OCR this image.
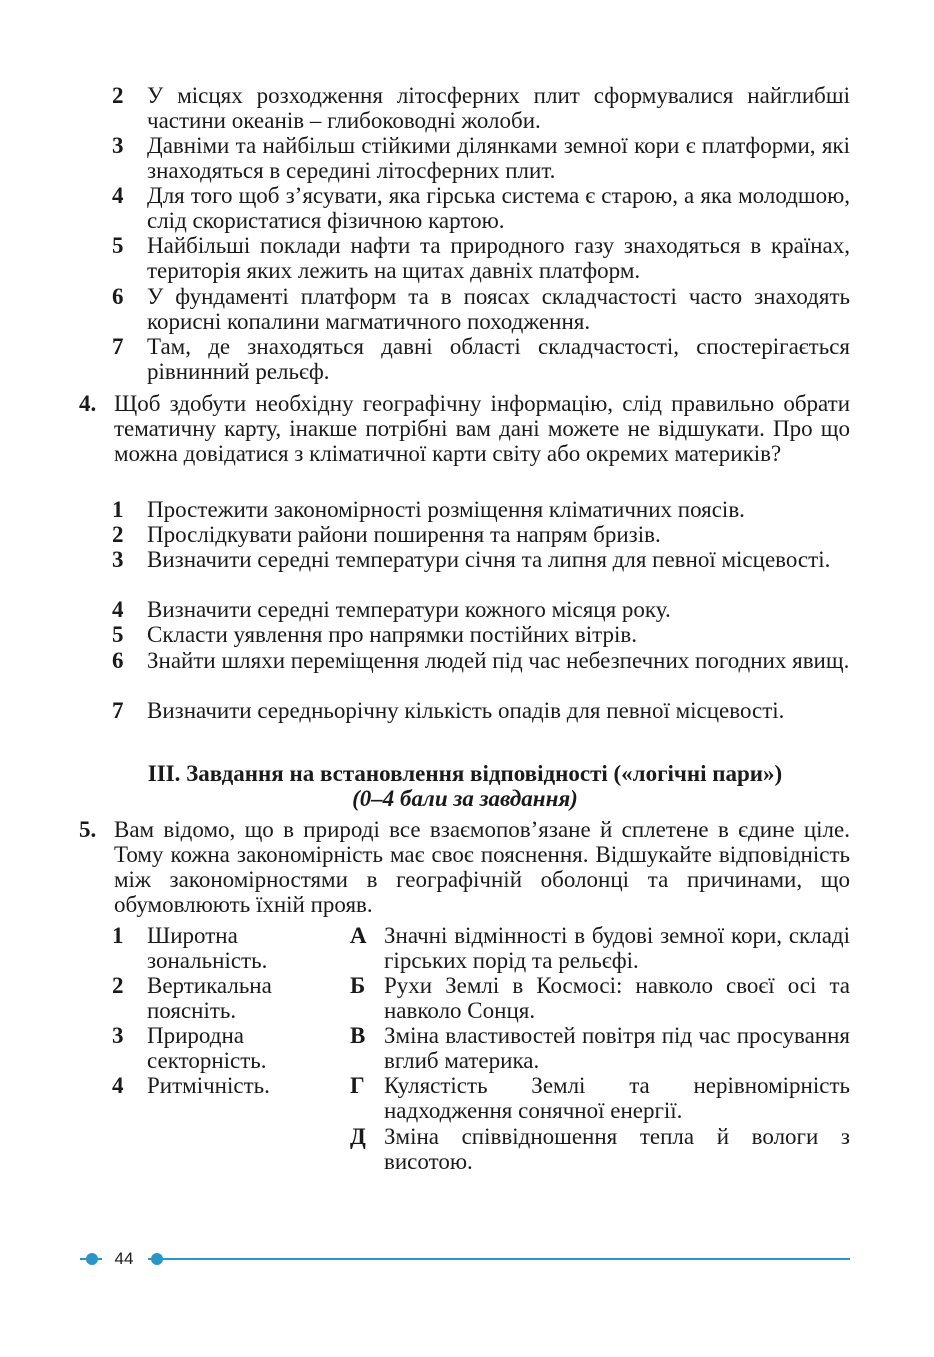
2	У місцях розходження літосферних плит сформувалися найглибші частини океанів – глибоководні жолоби.
3	Давніми та найбільш стійкими ділянками земної кори є платформи, які знаходяться в середині літосферних плит.
4	Для того щоб з’ясувати, яка гірська система є старою, а яка молодшою, слід скористатися фізичною картою.
5	Найбільші поклади нафти та природного газу знаходяться в країнах, територія яких лежить на щитах давніх платформ.
6	У фундаменті платформ та в поясах складчастості часто знаходять корисні копалини магматичного походження.
7	Там, де знаходяться давні області складчастості, спостерігається рівнинний рельєф.
4. Щоб здобути необхідну географічну інформацію, слід правильно обрати тематичну карту, інакше потрібні вам дані можете не відшукати. Про що можна довідатися з кліматичної карти світу або окремих материків?
1	Простежити закономірності розміщення кліматичних поясів.
2	Прослідкувати райони поширення та напрям бризів.
3	Визначити середні температури січня та липня для певної місцевості.
4	Визначити середні температури кожного місяця року.
5	Скласти уявлення про напрямки постійних вітрів.
6	Знайти шляхи переміщення людей під час небезпечних погодних явищ.
7	Визначити середньорічну кількість опадів для певної місцевості.
ІІІ. Завдання на встановлення відповідності («логічні пари»)
(0–4 бали за завдання)
5. Вам відомо, що в природі все взаємопов’язане й сплетене в єдине ціле. Тому кожна закономірність має своє пояснення. Відшукайте відповідність між закономірностями в географічній оболонці та причинами, що обумовлюють їхній прояв.
1 Широтна зональність.
2 Вертикальна поясніть.
3 Природна секторність.
4 Ритмічність.
А Значні відмінності в будові земної кори, складі гірських порід та рельєфі.
Б Рухи Землі в Космосі: навколо своєї осі та навколо Сонця.
В Зміна властивостей повітря під час просування вглиб материка.
Г Кулястість Землі та нерівномірність надходження сонячної енергії.
Д Зміна співвідношення тепла й вологи з висотою.
44
